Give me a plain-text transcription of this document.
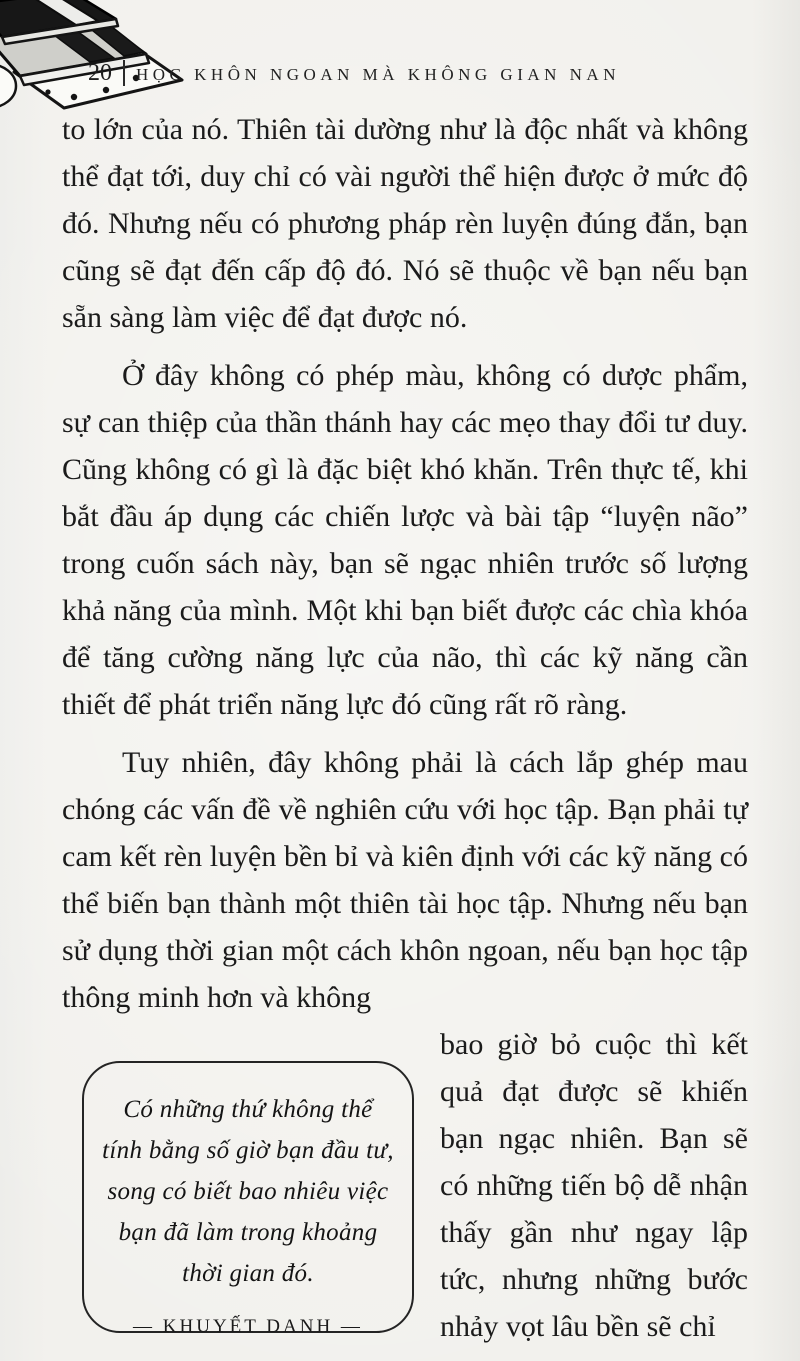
20 HỌC KHÔN NGOAN MÀ KHÔNG GIAN NAN

to lớn của nó. Thiên tài dường như là độc nhất và không thể đạt tới, duy chỉ có vài người thể hiện được ở mức độ đó. Nhưng nếu có phương pháp rèn luyện đúng đắn, bạn cũng sẽ đạt đến cấp độ đó. Nó sẽ thuộc về bạn nếu bạn sẵn sàng làm việc để đạt được nó.

Ở đây không có phép màu, không có dược phẩm, sự can thiệp của thần thánh hay các mẹo thay đổi tư duy. Cũng không có gì là đặc biệt khó khăn. Trên thực tế, khi bắt đầu áp dụng các chiến lược và bài tập “luyện não” trong cuốn sách này, bạn sẽ ngạc nhiên trước số lượng khả năng của mình. Một khi bạn biết được các chìa khóa để tăng cường năng lực của não, thì các kỹ năng cần thiết để phát triển năng lực đó cũng rất rõ ràng.

Tuy nhiên, đây không phải là cách lắp ghép mau chóng các vấn đề về nghiên cứu với học tập. Bạn phải tự cam kết rèn luyện bền bỉ và kiên định với các kỹ năng có thể biến bạn thành một thiên tài học tập. Nhưng nếu bạn sử dụng thời gian một cách khôn ngoan, nếu bạn học tập thông minh hơn và không

Có những thứ không thể tính bằng số giờ bạn đầu tư, song có biết bao nhiêu việc bạn đã làm trong khoảng thời gian đó.
— KHUYẾT DANH —
bao giờ bỏ cuộc thì kết quả đạt được sẽ khiến bạn ngạc nhiên. Bạn sẽ có những tiến bộ dễ nhận thấy gần như ngay lập tức, nhưng những bước nhảy vọt lâu bền sẽ chỉ
